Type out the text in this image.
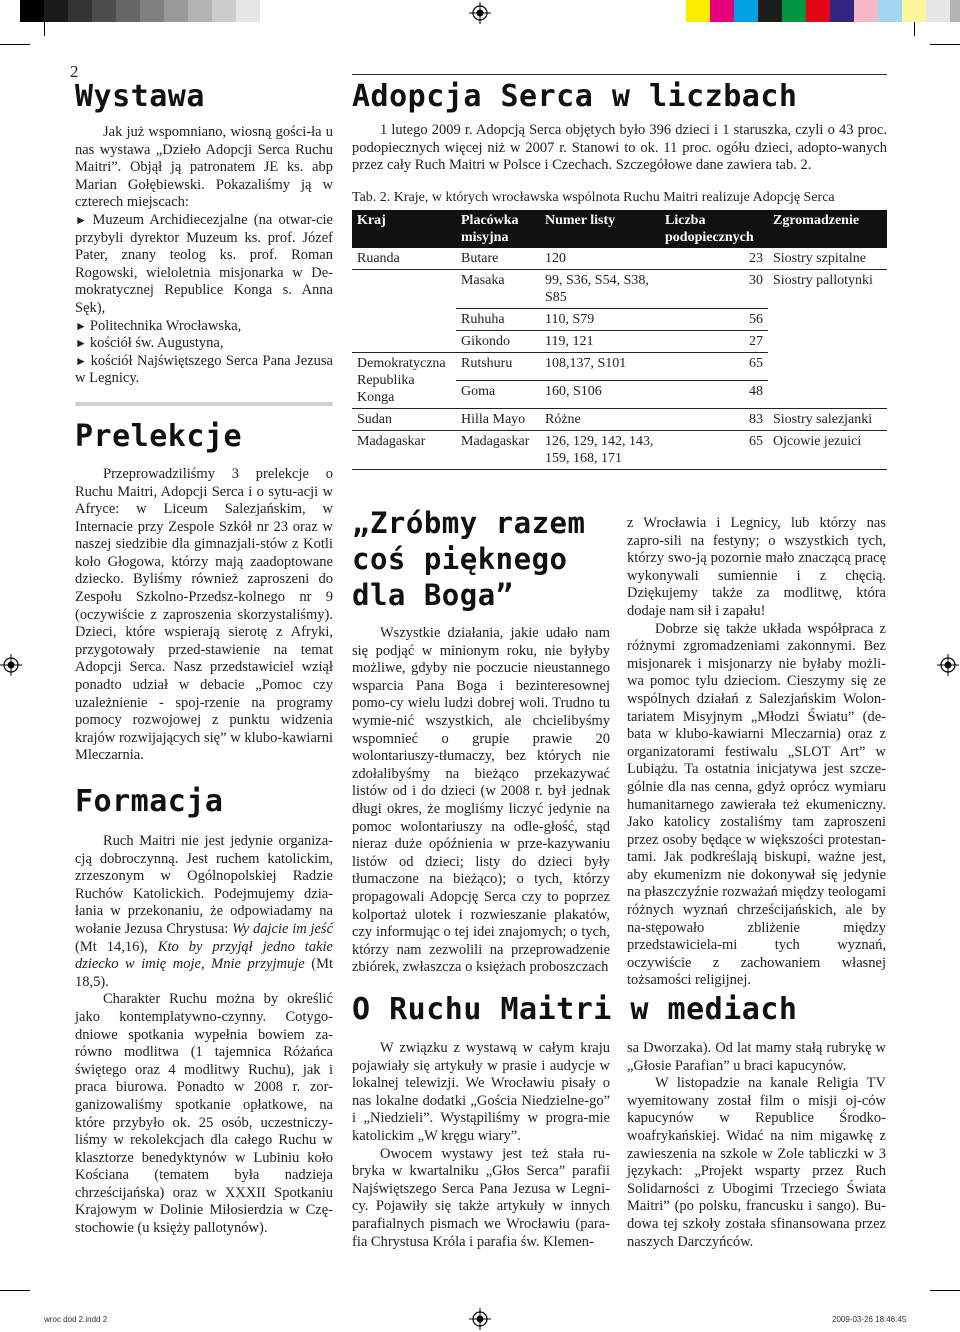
2
Wystawa

Jak już wspomniano, wiosną gości-ła u nas wystawa „Dzieło Adopcji Serca Ruchu Maitri”. Objął ją patronatem JE ks. abp Marian Gołębiewski. Pokazaliśmy ją w czterech miejscach:

► Muzeum Archidiecezjalne (na otwar-cie przybyli dyrektor Muzeum ks. prof. Józef Pater, znany teolog ks. prof. Roman Rogowski, wieloletnia misjonarka w De-mokratycznej Republice Konga s. Anna Sęk),

► Politechnika Wrocławska,

► kościół św. Augustyna,

► kościół Najświętszego Serca Pana Jezusa w Legnicy.

Prelekcje

Przeprowadziliśmy 3 prelekcje o Ruchu Maitri, Adopcji Serca i o sytu-acji w Afryce: w Liceum Salezjańskim, w Internacie przy Zespole Szkół nr 23 oraz w naszej siedzibie dla gimnazjali-stów z Kotli koło Głogowa, którzy mają zaadoptowane dziecko. Byliśmy również zaproszeni do Zespołu Szkolno-Przedsz-kolnego nr 9 (oczywiście z zaproszenia skorzystaliśmy). Dzieci, które wspierają sierotę z Afryki, przygotowały przed-stawienie na temat Adopcji Serca. Nasz przedstawiciel wziął ponadto udział w debacie „Pomoc czy uzależnienie - spoj-rzenie na programy pomocy rozwojowej z punktu widzenia krajów rozwijających się” w klubo-kawiarni Mleczarnia.

Formacja

Ruch Maitri nie jest jedynie organiza-cją dobroczynną. Jest ruchem katolickim, zrzeszonym w Ogólnopolskiej Radzie Ruchów Katolickich. Podejmujemy dzia-łania w przekonaniu, że odpowiadamy na wołanie Jezusa Chrystusa: Wy dajcie im jeść (Mt 14,16), Kto by przyjął jedno takie dziecko w imię moje, Mnie przyjmuje (Mt 18,5).

Charakter Ruchu można by określić jako kontemplatywno-czynny. Cotygo-dniowe spotkania wypełnia bowiem za-równo modlitwa (1 tajemnica Różańca świętego oraz 4 modlitwy Ruchu), jak i praca biurowa. Ponadto w 2008 r. zor-ganizowaliśmy spotkanie opłatkowe, na które przybyło ok. 25 osób, uczestniczy-liśmy w rekolekcjach dla całego Ruchu w klasztorze benedyktynów w Lubiniu koło Kościana (tematem była nadzieja chrześcijańska) oraz w XXXII Spotkaniu Krajowym w Dolinie Miłosierdzia w Czę-stochowie (u księży pallotynów).

Adopcja Serca w liczbach

1 lutego 2009 r. Adopcją Serca objętych było 396 dzieci i 1 staruszka, czyli o 43 proc. podopiecznych więcej niż w 2007 r. Stanowi to ok. 11 proc. ogółu dzieci, adopto-wanych przez cały Ruch Maitri w Polsce i Czechach. Szczegółowe dane zawiera tab. 2.

Tab. 2. Kraje, w których wrocławska wspólnota Ruchu Maitri realizuje Adopcję Serca

Kraj	Placówka misyjna	Numer listy	Liczba podopiecznych	Zgromadzenie
Ruanda	Butare	120	23	Siostry szpitalne
	Masaka	99, S36, S54, S38, S85	30	Siostry pallotynki
	Ruhuha	110, S79	56	
	Gikondo	119, 121	27	
Demokratyczna Republika Konga	Rutshuru	108,137, S101	65	
	Goma	160, S106	48	
Sudan	Hilla Mayo	Różne	83	Siostry salezjanki
Madagaskar	Madagaskar	126, 129, 142, 143, 159, 168, 171	65	Ojcowie jezuici
„Zróbmy razem coś pięknego dla Boga”

Wszystkie działania, jakie udało nam się podjąć w minionym roku, nie byłyby możliwe, gdyby nie poczucie nieustannego wsparcia Pana Boga i bezinteresownej pomo-cy wielu ludzi dobrej woli. Trudno tu wymie-nić wszystkich, ale chcielibyśmy wspomnieć o grupie prawie 20 wolontariuszy-tłumaczy, bez których nie zdołalibyśmy na bieżąco przekazywać listów od i do dzieci (w 2008 r. był jednak długi okres, że mogliśmy liczyć jedynie na pomoc wolontariuszy na odle-głość, stąd nieraz duże opóźnienia w prze-kazywaniu listów od dzieci; listy do dzieci były tłumaczone na bieżąco); o tych, którzy propagowali Adopcję Serca czy to poprzez kolportaż ulotek i rozwieszanie plakatów, czy informując o tej idei znajomych; o tych, którzy nam zezwolili na przeprowadzenie zbiórek, zwłaszcza o księżach proboszczach

z Wrocławia i Legnicy, lub którzy nas zapro-sili na festyny; o wszystkich tych, którzy swo-ją pozornie mało znaczącą pracę wykonywali sumiennie i z chęcią. Dziękujemy także za modlitwę, która dodaje nam sił i zapału!

Dobrze się także układa współpraca z różnymi zgromadzeniami zakonnymi. Bez misjonarek i misjonarzy nie byłaby możli-wa pomoc tylu dzieciom. Cieszymy się ze wspólnych działań z Salezjańskim Wolon-tariatem Misyjnym „Młodzi Światu” (de-bata w klubo-kawiarni Mleczarnia) oraz z organizatorami festiwalu „SLOT Art” w Lubiążu. Ta ostatnia inicjatywa jest szcze-gólnie dla nas cenna, gdyż oprócz wymiaru humanitarnego zawierała też ekumeniczny. Jako katolicy zostaliśmy tam zaproszeni przez osoby będące w większości protestan-tami. Jak podkreślają biskupi, ważne jest, aby ekumenizm nie dokonywał się jedynie na płaszczyźnie rozważań między teologami różnych wyznań chrześcijańskich, ale by na-stępowało zbliżenie między przedstawiciela-mi tych wyznań, oczywiście z zachowaniem własnej tożsamości religijnej.

O Ruchu Maitri w mediach

W związku z wystawą w całym kraju pojawiały się artykuły w prasie i audycje w lokalnej telewizji. We Wrocławiu pisały o nas lokalne dodatki „Gościa Niedzielne-go” i „Niedzieli”. Wystąpiliśmy w progra-mie katolickim „W kręgu wiary”.

Owocem wystawy jest też stała ru-bryka w kwartalniku „Głos Serca” parafii Najświętszego Serca Pana Jezusa w Legni-cy. Pojawiły się także artykuły w innych parafialnych pismach we Wrocławiu (para-fia Chrystusa Króla i parafia św. Klemen-

sa Dworzaka). Od lat mamy stałą rubrykę w „Głosie Parafian” u braci kapucynów.

W listopadzie na kanale Religia TV wyemitowany został film o misji oj-ców kapucynów w Republice Środko-woafrykańskiej. Widać na nim migawkę z zawieszenia na szkole w Zole tabliczki w 3 językach: „Projekt wsparty przez Ruch Solidarności z Ubogimi Trzeciego Świata Maitri” (po polsku, francusku i sango). Bu-dowa tej szkoły została sfinansowana przez naszych Darczyńców.

wroc dod 2.indd 2	2009-03-26 18:46:45
